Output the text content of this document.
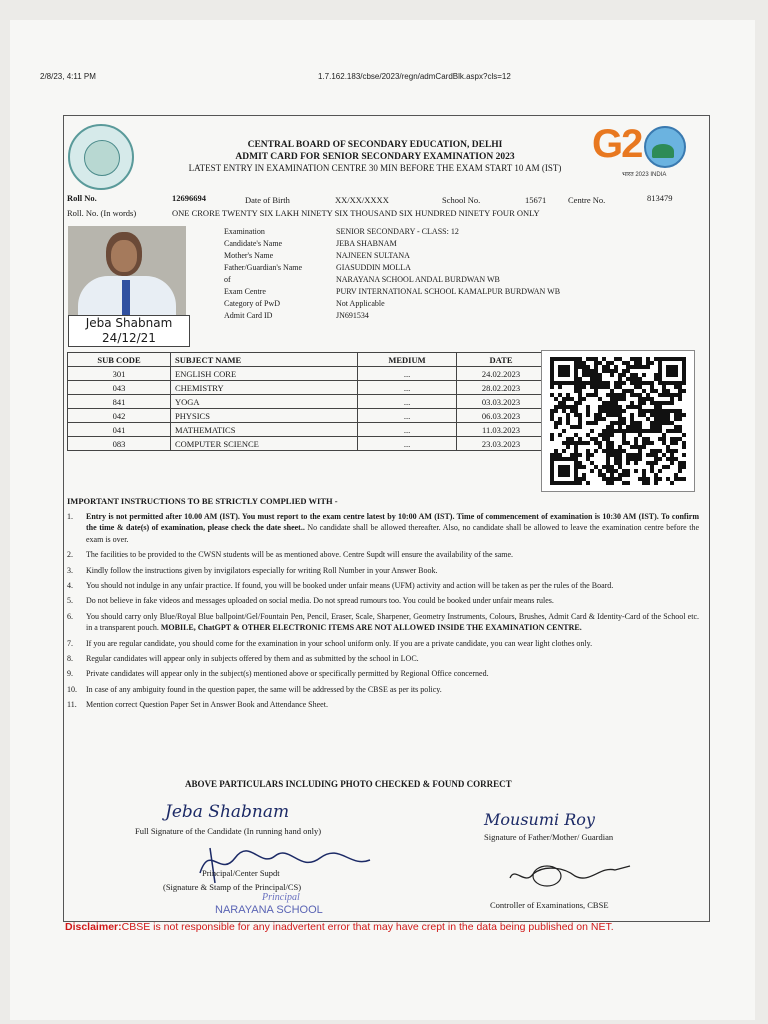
2/8/23, 4:11 PM	1.7.162.183/cbse/2023/regn/admCardBlk.aspx?cls=12
G2
भारत 2023 INDIA
CENTRAL BOARD OF SECONDARY EDUCATION, DELHI
ADMIT CARD FOR SENIOR SECONDARY EXAMINATION 2023
LATEST ENTRY IN EXAMINATION CENTRE 30 MIN BEFORE THE EXAM START 10 AM (IST)
Roll No.	12696694	Date of Birth	XX/XX/XXXX	School No.	15671	Centre No.	813479
Roll. No. (In words)	ONE CRORE TWENTY SIX LAKH NINETY SIX THOUSAND SIX HUNDRED NINETY FOUR ONLY
Jeba Shabnam
24/12/21
Examination	SENIOR SECONDARY - CLASS: 12
Candidate's Name	JEBA SHABNAM
Mother's Name	NAJNEEN SULTANA
Father/Guardian's Name	GIASUDDIN MOLLA
of	NARAYANA SCHOOL ANDAL BURDWAN WB
Exam Centre	PURV INTERNATIONAL SCHOOL KAMALPUR BURDWAN WB
Category of PwD	Not Applicable
Admit Card ID	JN691534
SUB CODE	SUBJECT NAME	MEDIUM	DATE
301	ENGLISH CORE	...	24.02.2023
043	CHEMISTRY	...	28.02.2023
841	YOGA	...	03.03.2023
042	PHYSICS	...	06.03.2023
041	MATHEMATICS	...	11.03.2023
083	COMPUTER SCIENCE	...	23.03.2023
IMPORTANT INSTRUCTIONS TO BE STRICTLY COMPLIED WITH -
1.	Entry is not permitted after 10.00 AM (IST). You must report to the exam centre latest by 10:00 AM (IST). Time of commencement of examination is 10:30 AM (IST). To confirm the time & date(s) of examination, please check the date sheet.. No candidate shall be allowed thereafter. Also, no candidate shall be allowed to leave the examination centre before the exam is over.
2.	The facilities to be provided to the CWSN students will be as mentioned above. Centre Supdt will ensure the availability of the same.
3.	Kindly follow the instructions given by invigilators especially for writing Roll Number in your Answer Book.
4.	You should not indulge in any unfair practice. If found, you will be booked under unfair means (UFM) activity and action will be taken as per the rules of the Board.
5.	Do not believe in fake videos and messages uploaded on social media. Do not spread rumours too. You could be booked under unfair means rules.
6.	You should carry only Blue/Royal Blue ballpoint/Gel/Fountain Pen, Pencil, Eraser, Scale, Sharpener, Geometry Instruments, Colours, Brushes, Admit Card & Identity-Card of the School etc. in a transparent pouch. MOBILE, ChatGPT & OTHER ELECTRONIC ITEMS ARE NOT ALLOWED INSIDE THE EXAMINATION CENTRE.
7.	If you are regular candidate, you should come for the examination in your school uniform only. If you are a private candidate, you can wear light clothes only.
8.	Regular candidates will appear only in subjects offered by them and as submitted by the school in LOC.
9.	Private candidates will appear only in the subject(s) mentioned above or specifically permitted by Regional Office concerned.
10.	In case of any ambiguity found in the question paper, the same will be addressed by the CBSE as per its policy.
11.	Mention correct Question Paper Set in Answer Book and Attendance Sheet.
ABOVE PARTICULARS INCLUDING PHOTO CHECKED & FOUND CORRECT
Jeba Shabnam
Full Signature of the Candidate (In running hand only)
Mousumi Roy
Signature of Father/Mother/ Guardian
Principal/Center Supdt
(Signature & Stamp of the Principal/CS)
Principal
NARAYANA SCHOOL	Controller of Examinations, CBSE
Disclaimer:CBSE is not responsible for any inadvertent error that may have crept in the data being published on NET.
